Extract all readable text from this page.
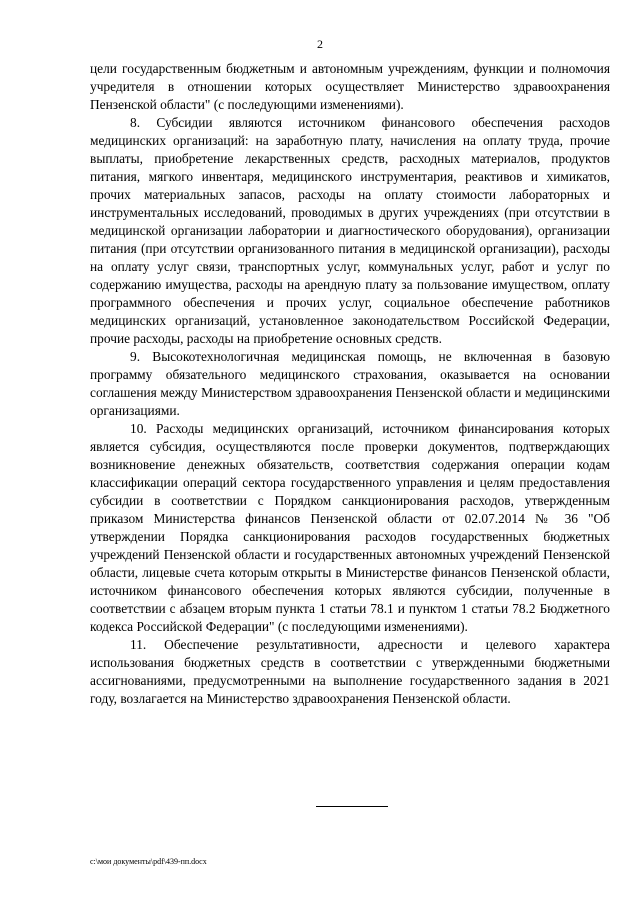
2

цели государственным бюджетным и автономным учреждениям, функции и полномочия учредителя в отношении которых осуществляет Министерство здравоохранения Пензенской области" (с последующими изменениями).

8. Субсидии являются источником финансового обеспечения расходов медицинских организаций: на заработную плату, начисления на оплату труда, прочие выплаты, приобретение лекарственных средств, расходных материалов, продуктов питания, мягкого инвентаря, медицинского инструментария, реактивов и химикатов, прочих материальных запасов, расходы на оплату стоимости лабораторных и инструментальных исследований, проводимых в других учреждениях (при отсутствии в медицинской организации лаборатории и диагностического оборудования), организации питания (при отсутствии организованного питания в медицинской организации), расходы на оплату услуг связи, транспортных услуг, коммунальных услуг, работ и услуг по содержанию имущества, расходы на арендную плату за пользование имуществом, оплату программного обеспечения и прочих услуг, социальное обеспечение работников медицинских организаций, установленное законодательством Российской Федерации, прочие расходы, расходы на приобретение основных средств.

9. Высокотехнологичная медицинская помощь, не включенная в базовую программу обязательного медицинского страхования, оказывается на основании соглашения между Министерством здравоохранения Пензенской области и медицинскими организациями.

10. Расходы медицинских организаций, источником финансирования которых является субсидия, осуществляются после проверки документов, подтверждающих возникновение денежных обязательств, соответствия содержания операции кодам классификации операций сектора государственного управления и целям предоставления субсидии в соответствии с Порядком санкционирования расходов, утвержденным приказом Министерства финансов Пензенской области от 02.07.2014 № 36 "Об утверждении Порядка санкционирования расходов государственных бюджетных учреждений Пензенской области и государственных автономных учреждений Пензенской области, лицевые счета которым открыты в Министерстве финансов Пензенской области, источником финансового обеспечения которых являются субсидии, полученные в соответствии с абзацем вторым пункта 1 статьи 78.1 и пунктом 1 статьи 78.2 Бюджетного кодекса Российской Федерации" (с последующими изменениями).

11. Обеспечение результативности, адресности и целевого характера использования бюджетных средств в соответствии с утвержденными бюджетными ассигнованиями, предусмотренными на выполнение государственного задания в 2021 году, возлагается на Министерство здравоохранения Пензенской области.

c:\мои документы\pdf\439-пп.docx
